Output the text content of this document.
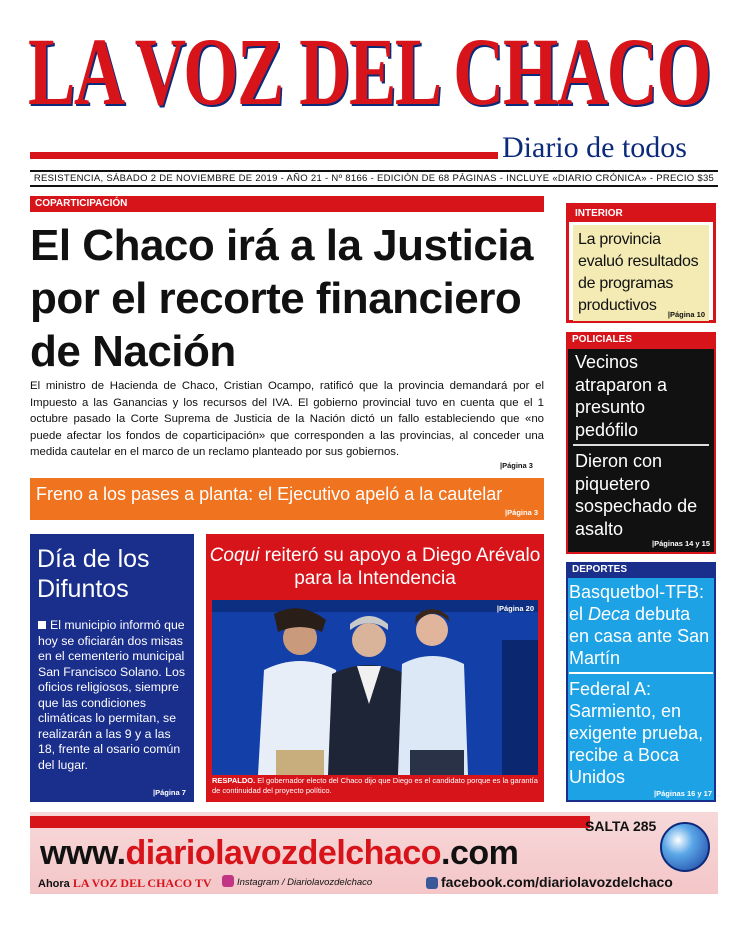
LA VOZ DEL CHACO
Diario de todos
RESISTENCIA, SÁBADO 2 DE NOVIEMBRE DE 2019 - AÑO 21 - Nº 8166 - EDICIÓN DE 68 PÁGINAS - INCLUYE «DIARIO CRÓNICA» - PRECIO $35
COPARTICIPACIÓN
El Chaco irá a la Justicia por el recorte financiero de Nación
El ministro de Hacienda de Chaco, Cristian Ocampo, ratificó que la provincia demandará por el Impuesto a las Ganancias y los recursos del IVA. El gobierno provincial tuvo en cuenta que el 1 octubre pasado la Corte Suprema de Justicia de la Nación dictó un fallo estableciendo que «no puede afectar los fondos de coparticipación» que corresponden a las provincias, al conceder una medida cautelar en el marco de un reclamo planteado por sus gobiernos.
|Página 3
Freno a los pases a planta: el Ejecutivo apeló a la cautelar
|Página 3
Día de los Difuntos
El municipio informó que hoy se oficiarán dos misas en el cementerio municipal San Francisco Solano. Los oficios religiosos, siempre que las condiciones climáticas lo permitan, se realizarán a las 9 y a las 18, frente al osario común del lugar.
|Página 7
Coqui reiteró su apoyo a Diego Arévalo para la Intendencia
|Página 20
RESPALDO. El gobernador electo del Chaco dijo que Diego es el candidato porque es la garantía de continuidad del proyecto político.
INTERIOR
La provincia evaluó resultados de programas productivos
|Página 10
POLICIALES
Vecinos atraparon a presunto pedófilo
Dieron con piquetero sospechado de asalto
|Páginas 14 y 15
DEPORTES
Basquetbol-TFB: el Deca debuta en casa ante San Martín
Federal A: Sarmiento, en exigente prueba, recibe a Boca Unidos
|Páginas 16 y 17
SALTA 285
www.diariolavozdelchaco.com
Ahora LA VOZ DEL CHACO TV	Instagram / Diariolavozdelchaco	facebook.com/diariolavozdelchaco
